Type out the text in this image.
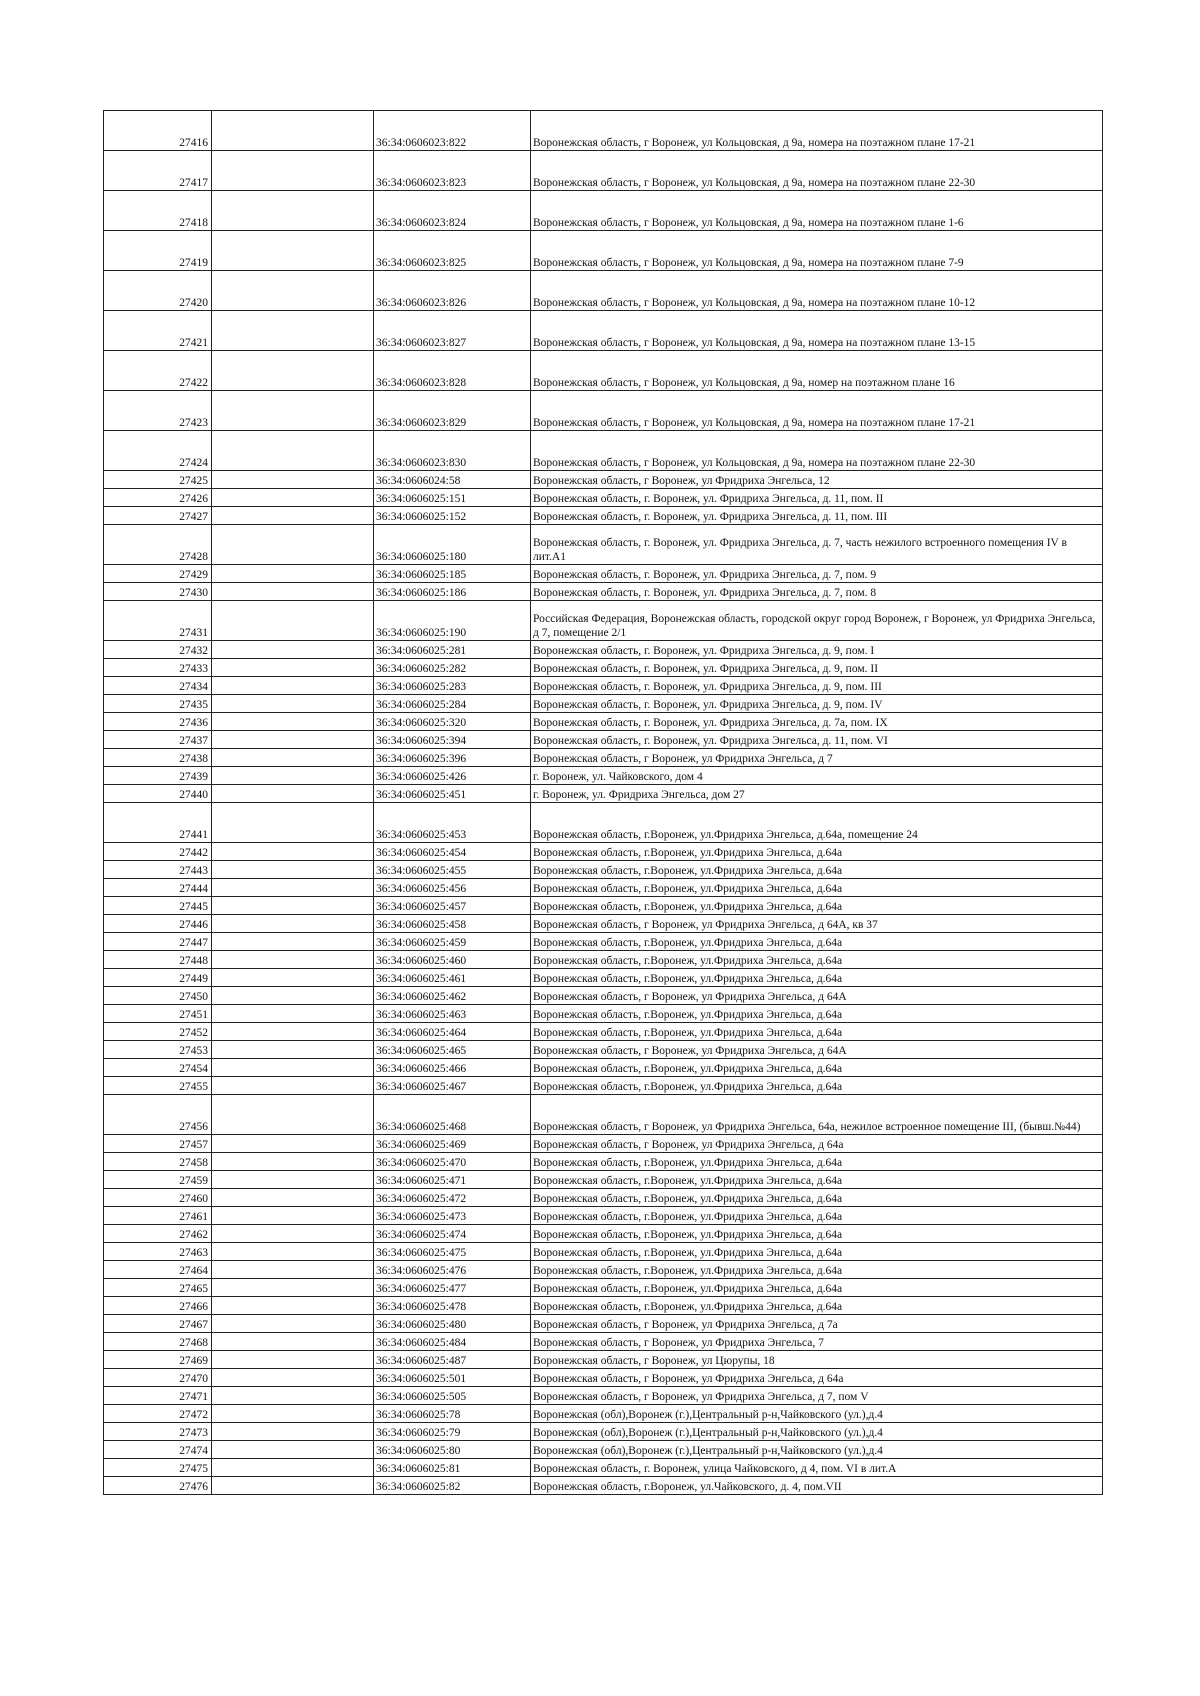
27416		36:34:0606023:822	Воронежская область, г Воронеж, ул Кольцовская, д 9а, номера на поэтажном плане 17-21
27417		36:34:0606023:823	Воронежская область, г Воронеж, ул Кольцовская, д 9а, номера на поэтажном плане 22-30
27418		36:34:0606023:824	Воронежская область, г Воронеж, ул Кольцовская, д 9а, номера на поэтажном плане 1-6
27419		36:34:0606023:825	Воронежская область, г Воронеж, ул Кольцовская, д 9а, номера на поэтажном плане 7-9
27420		36:34:0606023:826	Воронежская область, г Воронеж, ул Кольцовская, д 9а, номера на поэтажном плане 10-12
27421		36:34:0606023:827	Воронежская область, г Воронеж, ул Кольцовская, д 9а, номера на поэтажном плане 13-15
27422		36:34:0606023:828	Воронежская область, г Воронеж, ул Кольцовская, д 9а, номер на поэтажном плане 16
27423		36:34:0606023:829	Воронежская область, г Воронеж, ул Кольцовская, д 9а, номера на поэтажном плане 17-21
27424		36:34:0606023:830	Воронежская область, г Воронеж, ул Кольцовская, д 9а, номера на поэтажном плане 22-30
27425		36:34:0606024:58	Воронежская область, г Воронеж, ул Фридриха Энгельса, 12
27426		36:34:0606025:151	Воронежская область, г. Воронеж, ул. Фридриха Энгельса, д. 11, пом. II
27427		36:34:0606025:152	Воронежская область, г. Воронеж, ул. Фридриха Энгельса, д. 11, пом. III
27428		36:34:0606025:180	Воронежская область, г. Воронеж, ул. Фридриха Энгельса, д. 7, часть нежилого встроенного помещения IV в лит.А1
27429		36:34:0606025:185	Воронежская область, г. Воронеж, ул. Фридриха Энгельса, д. 7, пом. 9
27430		36:34:0606025:186	Воронежская область, г. Воронеж, ул. Фридриха Энгельса, д. 7, пом. 8
27431		36:34:0606025:190	Российская Федерация, Воронежская область, городской округ город Воронеж, г Воронеж, ул Фридриха Энгельса, д 7, помещение 2/1
27432		36:34:0606025:281	Воронежская область, г. Воронеж, ул. Фридриха Энгельса, д. 9, пом. I
27433		36:34:0606025:282	Воронежская область, г. Воронеж, ул. Фридриха Энгельса, д. 9, пом. II
27434		36:34:0606025:283	Воронежская область, г. Воронеж, ул. Фридриха Энгельса, д. 9, пом. III
27435		36:34:0606025:284	Воронежская область, г. Воронеж, ул. Фридриха Энгельса, д. 9, пом. IV
27436		36:34:0606025:320	Воронежская область, г. Воронеж, ул. Фридриха Энгельса, д. 7а, пом. IX
27437		36:34:0606025:394	Воронежская область, г. Воронеж, ул. Фридриха Энгельса, д. 11, пом. VI
27438		36:34:0606025:396	Воронежская область, г Воронеж, ул Фридриха Энгельса, д 7
27439		36:34:0606025:426	г. Воронеж, ул. Чайковского, дом 4
27440		36:34:0606025:451	г. Воронеж, ул. Фридриха Энгельса, дом 27
27441		36:34:0606025:453	Воронежская область, г.Воронеж, ул.Фридриха Энгельса, д.64а, помещение 24
27442		36:34:0606025:454	Воронежская область, г.Воронеж, ул.Фридриха Энгельса, д.64а
27443		36:34:0606025:455	Воронежская область, г.Воронеж, ул.Фридриха Энгельса, д.64а
27444		36:34:0606025:456	Воронежская область, г.Воронеж, ул.Фридриха Энгельса, д.64а
27445		36:34:0606025:457	Воронежская область, г.Воронеж, ул.Фридриха Энгельса, д.64а
27446		36:34:0606025:458	Воронежская область, г Воронеж, ул Фридриха Энгельса, д 64А, кв 37
27447		36:34:0606025:459	Воронежская область, г.Воронеж, ул.Фридриха Энгельса, д.64а
27448		36:34:0606025:460	Воронежская область, г.Воронеж, ул.Фридриха Энгельса, д.64а
27449		36:34:0606025:461	Воронежская область, г.Воронеж, ул.Фридриха Энгельса, д.64а
27450		36:34:0606025:462	Воронежская область, г Воронеж, ул Фридриха Энгельса, д 64А
27451		36:34:0606025:463	Воронежская область, г.Воронеж, ул.Фридриха Энгельса, д.64а
27452		36:34:0606025:464	Воронежская область, г.Воронеж, ул.Фридриха Энгельса, д.64а
27453		36:34:0606025:465	Воронежская область, г Воронеж, ул Фридриха Энгельса, д 64А
27454		36:34:0606025:466	Воронежская область, г.Воронеж, ул.Фридриха Энгельса, д.64а
27455		36:34:0606025:467	Воронежская область, г.Воронеж, ул.Фридриха Энгельса, д.64а
27456		36:34:0606025:468	Воронежская область, г Воронеж, ул Фридриха Энгельса, 64а, нежилое встроенное помещение III, (бывш.№44)
27457		36:34:0606025:469	Воронежская область, г Воронеж, ул Фридриха Энгельса, д 64а
27458		36:34:0606025:470	Воронежская область, г.Воронеж, ул.Фридриха Энгельса, д.64а
27459		36:34:0606025:471	Воронежская область, г.Воронеж, ул.Фридриха Энгельса, д.64а
27460		36:34:0606025:472	Воронежская область, г.Воронеж, ул.Фридриха Энгельса, д.64а
27461		36:34:0606025:473	Воронежская область, г.Воронеж, ул.Фридриха Энгельса, д.64а
27462		36:34:0606025:474	Воронежская область, г.Воронеж, ул.Фридриха Энгельса, д.64а
27463		36:34:0606025:475	Воронежская область, г.Воронеж, ул.Фридриха Энгельса, д.64а
27464		36:34:0606025:476	Воронежская область, г.Воронеж, ул.Фридриха Энгельса, д.64а
27465		36:34:0606025:477	Воронежская область, г.Воронеж, ул.Фридриха Энгельса, д.64а
27466		36:34:0606025:478	Воронежская область, г.Воронеж, ул.Фридриха Энгельса, д.64а
27467		36:34:0606025:480	Воронежская область, г Воронеж, ул Фридриха Энгельса, д 7а
27468		36:34:0606025:484	Воронежская область, г Воронеж, ул Фридриха Энгельса, 7
27469		36:34:0606025:487	Воронежская область, г Воронеж, ул Цюрупы, 18
27470		36:34:0606025:501	Воронежская область, г Воронеж, ул Фридриха Энгельса, д 64а
27471		36:34:0606025:505	Воронежская область, г Воронеж, ул Фридриха Энгельса, д 7, пом V
27472		36:34:0606025:78	Воронежская (обл),Воронеж (г.),Центральный р-н,Чайковского (ул.),д.4
27473		36:34:0606025:79	Воронежская (обл),Воронеж (г.),Центральный р-н,Чайковского (ул.),д.4
27474		36:34:0606025:80	Воронежская (обл),Воронеж (г.),Центральный р-н,Чайковского (ул.),д.4
27475		36:34:0606025:81	Воронежская область, г. Воронеж, улица Чайковского, д 4, пом. VI в лит.А
27476		36:34:0606025:82	Воронежская область, г.Воронеж, ул.Чайковского, д. 4, пом.VII
